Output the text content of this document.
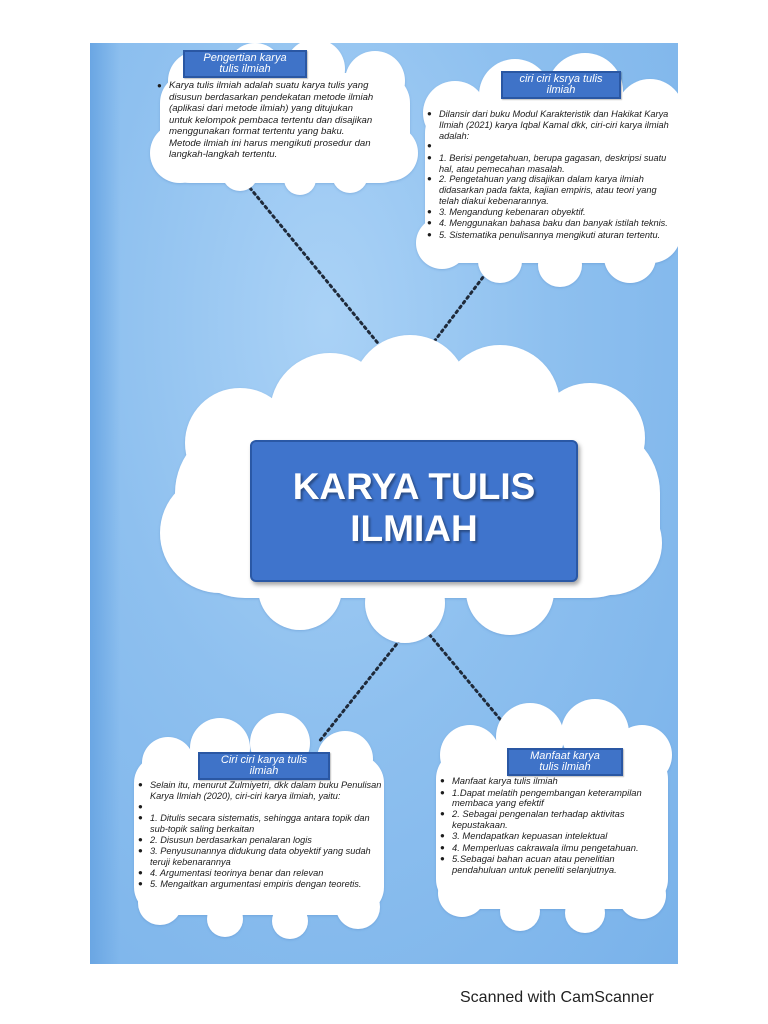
Pengertian karya
tulis ilmiah
● Karya tulis ilmiah adalah suatu karya tulis yang disusun berdasarkan pendekatan metode ilmiah (aplikasi dari metode ilmiah) yang ditujukan untuk kelompok pembaca tertentu dan disajikan menggunakan format tertentu yang baku. Metode ilmiah ini harus mengikuti prosedur dan langkah-langkah tertentu.
ciri ciri ksrya tulis
ilmiah
● Dilansir dari buku Modul Karakteristik dan Hakikat Karya Ilmiah (2021) karya Iqbal Kamal dkk, ciri-ciri karya ilmiah adalah:
●
● 1. Berisi pengetahuan, berupa gagasan, deskripsi suatu hal, atau pemecahan masalah.
● 2. Pengetahuan yang disajikan dalam karya ilmiah didasarkan pada fakta, kajian empiris, atau teori yang telah diakui kebenarannya.
● 3. Mengandung kebenaran obyektif.
● 4. Menggunakan bahasa baku dan banyak istilah teknis.
● 5. Sistematika penulisannya mengikuti aturan tertentu.
KARYA TULIS
ILMIAH
Ciri ciri karya tulis
ilmiah
● Selain itu, menurut Zulmiyetri, dkk dalam buku Penulisan Karya Ilmiah (2020), ciri-ciri karya ilmiah, yaitu:
●
● 1. Ditulis secara sistematis, sehingga antara topik dan sub-topik saling berkaitan
● 2. Disusun berdasarkan penalaran logis
● 3. Penyusunannya didukung data obyektif yang sudah teruji kebenarannya
● 4. Argumentasi teorinya benar dan relevan
● 5. Mengaitkan argumentasi empiris dengan teoretis.
Manfaat karya
tulis ilmiah
● Manfaat karya tulis ilmiah
● 1.Dapat melatih pengembangan keterampilan membaca yang efektif
● 2. Sebagai pengenalan terhadap aktivitas kepustakaan.
● 3. Mendapatkan kepuasan intelektual
● 4. Memperluas cakrawala ilmu pengetahuan.
● 5.Sebagai bahan acuan atau penelitian pendahuluan untuk peneliti selanjutnya.
Scanned with CamScanner
